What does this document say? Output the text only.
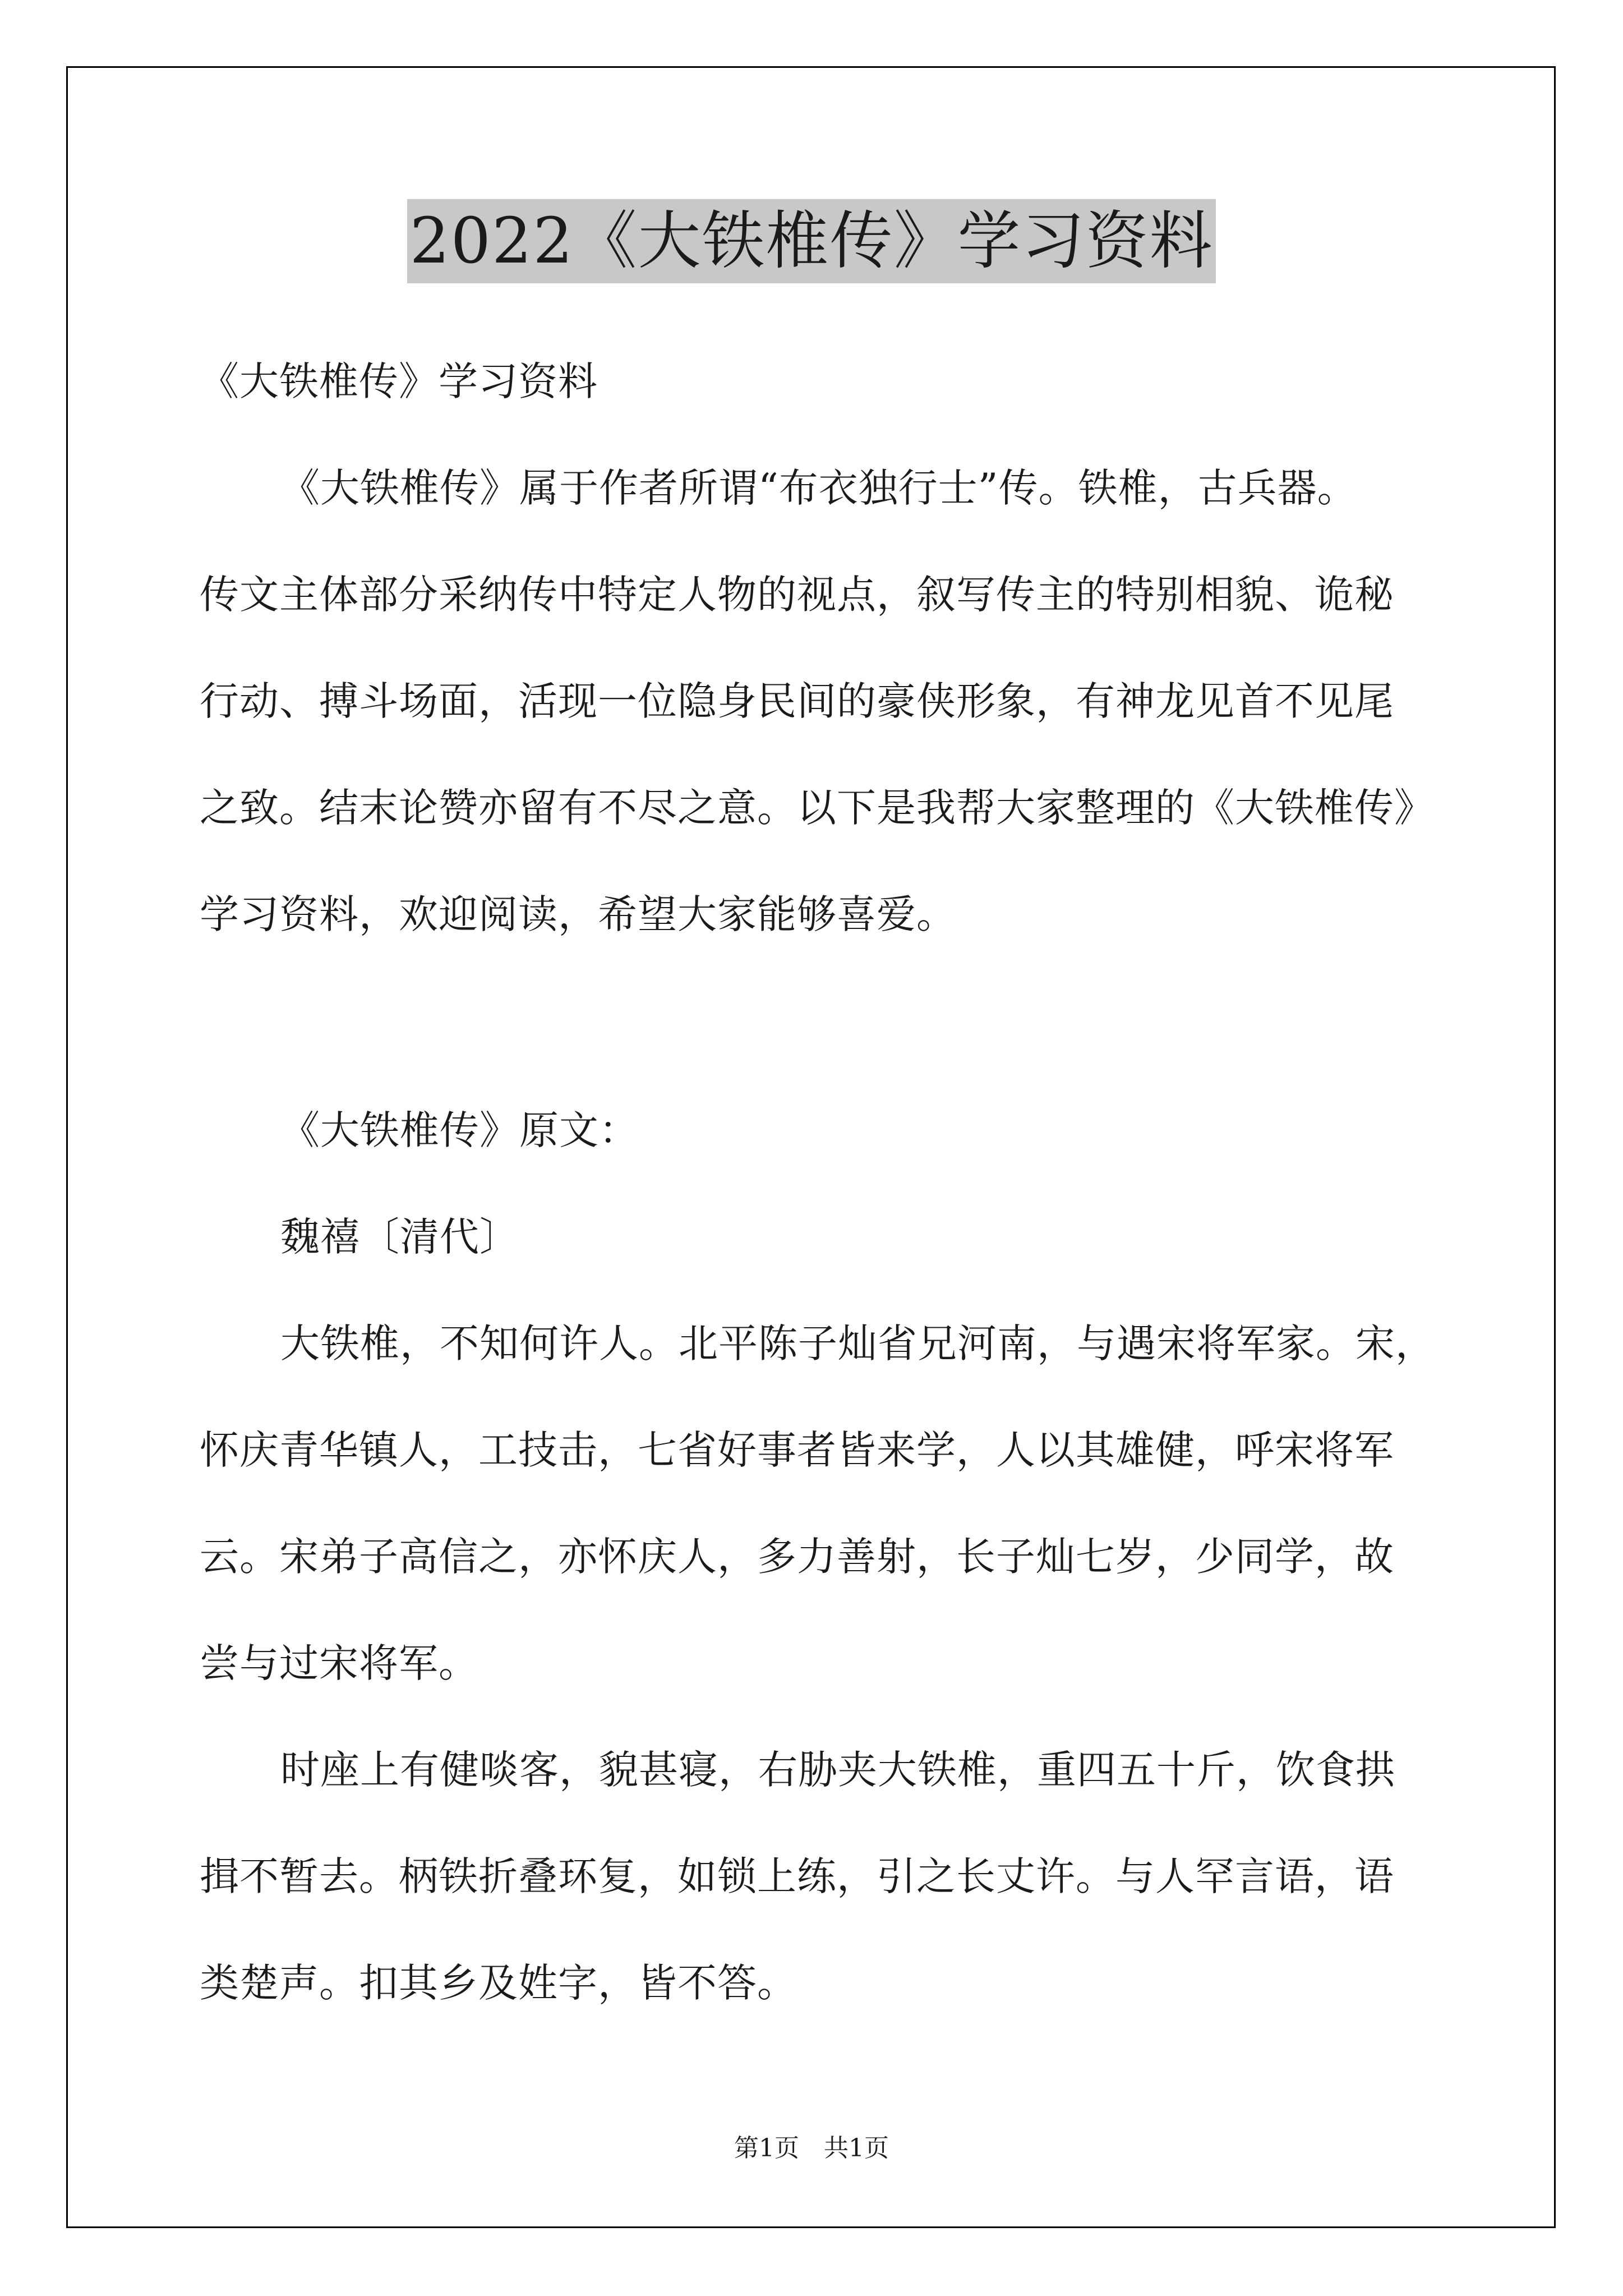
2022《大铁椎传》学习资料
《大铁椎传》学习资料
《大铁椎传》属于作者所谓“布衣独行士”传。铁椎，古兵器。
传文主体部分采纳传中特定人物的视点，叙写传主的特别相貌、诡秘
行动、搏斗场面，活现一位隐身民间的豪侠形象，有神龙见首不见尾
之致。结末论赞亦留有不尽之意。以下是我帮大家整理的《大铁椎传》
学习资料，欢迎阅读，希望大家能够喜爱。
《大铁椎传》原文：
魏禧〔清代〕
大铁椎，不知何许人。北平陈子灿省兄河南，与遇宋将军家。宋，
怀庆青华镇人，工技击，七省好事者皆来学，人以其雄健，呼宋将军
云。宋弟子高信之，亦怀庆人，多力善射，长子灿七岁，少同学，故
尝与过宋将军。
时座上有健啖客，貌甚寝，右胁夹大铁椎，重四五十斤，饮食拱
揖不暂去。柄铁折叠环复，如锁上练，引之长丈许。与人罕言语，语
类楚声。扣其乡及姓字，皆不答。
第1页　共1页
